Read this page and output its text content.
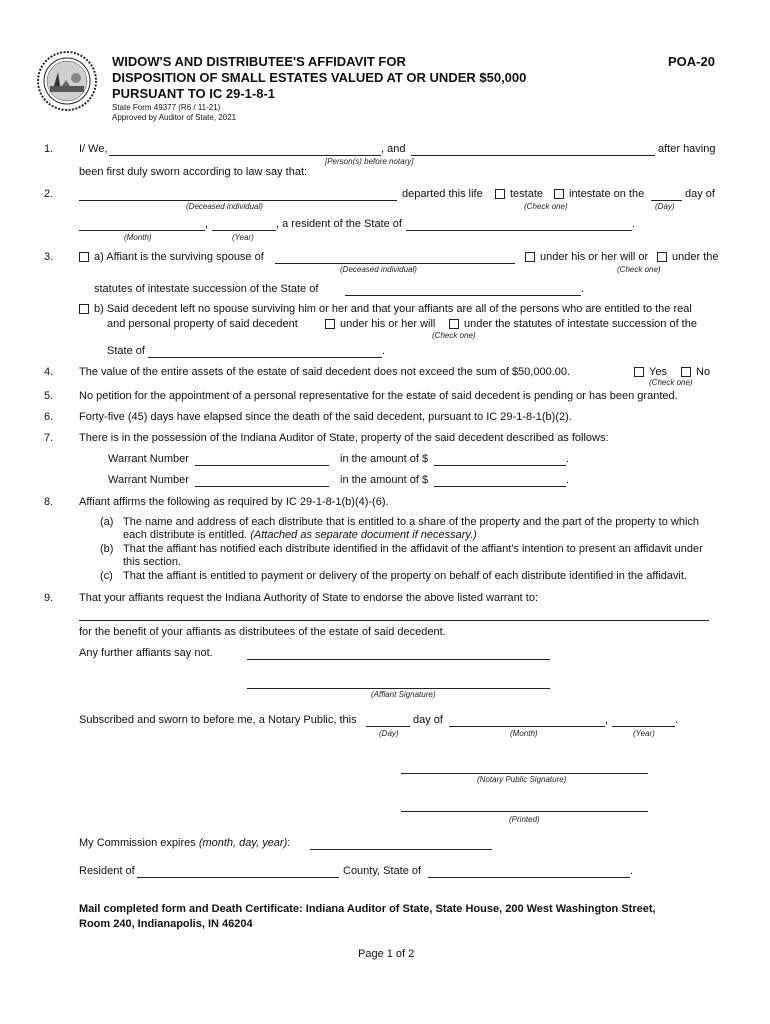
WIDOW'S AND DISTRIBUTEE'S AFFIDAVIT FOR
DISPOSITION OF SMALL ESTATES VALUED AT OR UNDER $50,000
PURSUANT TO IC 29-1-8-1
POA-20
State Form 49377 (R6 / 11-21)
Approved by Auditor of State, 2021
1. I/ We,	, and	after having
[Person(s) before notary]
been first duly sworn according to law say that:
2.	departed this life testate intestate on the	day of
(Deceased individual)	(Check one)	(Day)
,	, a resident of the State of	.
(Month)	(Year)
3.	a) Affiant is the surviving spouse of	under his or her will or under the
(Deceased individual)	(Check one)
statutes of intestate succession of the State of	.
b) Said decedent left no spouse surviving him or her and that your affiants are all of the persons who are entitled to the real
and personal property of said decedent	under his or her will	under the statutes of intestate succession of the
(Check one)
State of	.
4. The value of the entire assets of the estate of said decedent does not exceed the sum of $50,000.00.	Yes	No
(Check one)
5. No petition for the appointment of a personal representative for the estate of said decedent is pending or has been granted.
6. Forty-five (45) days have elapsed since the death of the said decedent, pursuant to IC 29-1-8-1(b)(2).
7. There is in the possession of the Indiana Auditor of State, property of the said decedent described as follows:
Warrant Number	in the amount of $	.
Warrant Number	in the amount of $	.
8. Affiant affirms the following as required by IC 29-1-8-1(b)(4)-(6).
(a) The name and address of each distribute that is entitled to a share of the property and the part of the property to which
each distribute is entitled. (Attached as separate document if necessary.)
(b) That the affiant has notified each distribute identified in the affidavit of the affiant's intention to present an affidavit under
this section.
(c) That the affiant is entitled to payment or delivery of the property on behalf of each distribute identified in the affidavit.
9. That your affiants request the Indiana Authority of State to endorse the above listed warrant to:
for the benefit of your affiants as distributees of the estate of said decedent.
Any further affiants say not.
(Affiant Signature)
Subscribed and sworn to before me, a Notary Public, this	day of	,	.
(Day)	(Month)	(Year)
(Notary Public Signature)
(Printed)
My Commission expires (month, day, year):
Resident of	County, State of	.
Mail completed form and Death Certificate: Indiana Auditor of State, State House, 200 West Washington Street,
Room 240, Indianapolis, IN 46204
Page 1 of 2
